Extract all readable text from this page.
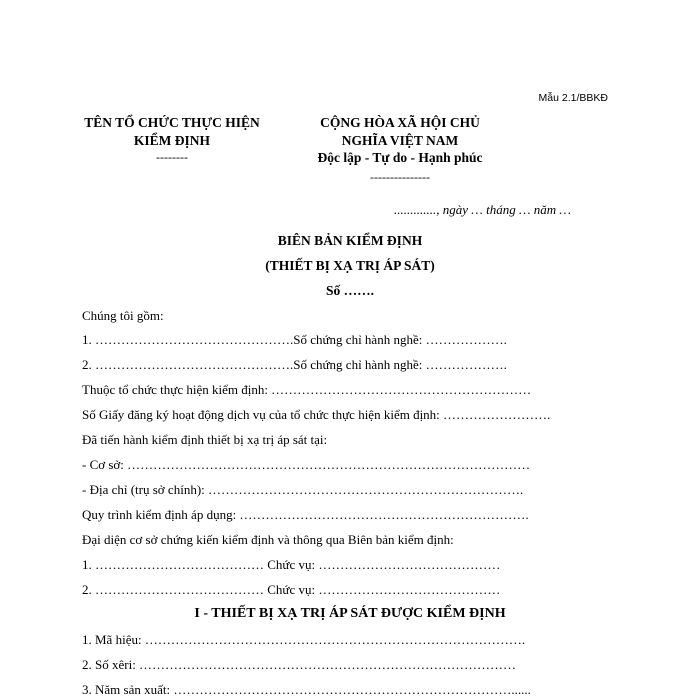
Mẫu 2.1/BBKĐ
TÊN TỔ CHỨC THỰC HIỆN KIỂM ĐỊNH
--------
CỘNG HÒA XÃ HỘI CHỦ NGHĨA VIỆT NAM
Độc lập - Tự do - Hạnh phúc
---------------
............., ngày … tháng … năm …
BIÊN BẢN KIỂM ĐỊNH
(THIẾT BỊ XẠ TRỊ ÁP SÁT)
Số …….
Chúng tôi gồm:
1. ……………………………………….Số chứng chỉ hành nghề: ……………….
2. ……………………………………….Số chứng chỉ hành nghề: ……………….
Thuộc tổ chức thực hiện kiểm định: ……………………………………………………
Số Giấy đăng ký hoạt động dịch vụ của tổ chức thực hiện kiểm định: …………………….
Đã tiến hành kiểm định thiết bị xạ trị áp sát tại:
- Cơ sở: …………………………………………………………………………………
- Địa chỉ (trụ sở chính): ……………………………………………………………….
Quy trình kiểm định áp dụng: ………………………………………………………….
Đại diện cơ sở chứng kiến kiểm định và thông qua Biên bản kiểm định:
1. ………………………………… Chức vụ: ……………………………………
2. ………………………………… Chức vụ: ……………………………………
I - THIẾT BỊ XẠ TRỊ ÁP SÁT ĐƯỢC KIỂM ĐỊNH
1. Mã hiệu: …………………………………………………………………………….
2. Số xêri: ……………………………………………………………………………
3. Năm sản xuất: ……………………………………………………………………......
